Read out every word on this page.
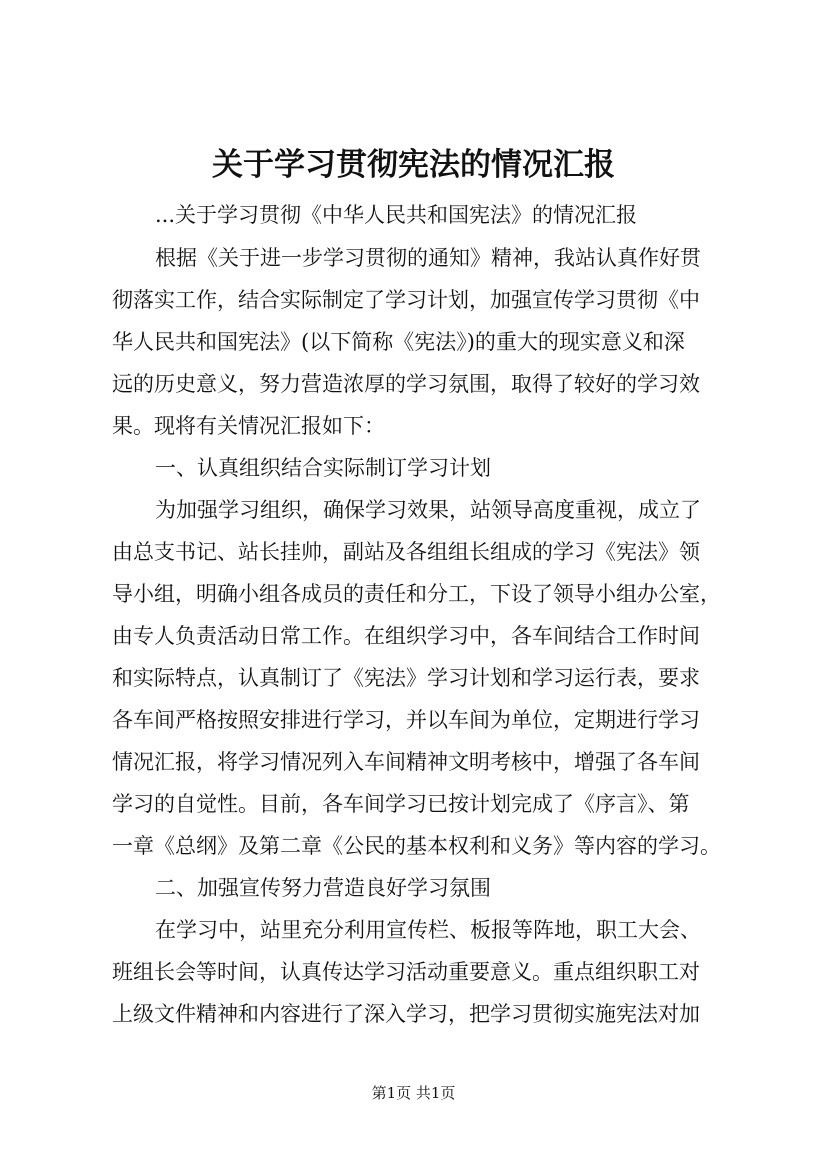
关于学习贯彻宪法的情况汇报
...关于学习贯彻《中华人民共和国宪法》的情况汇报
根据《关于进一步学习贯彻的通知》精神，我站认真作好贯
彻落实工作，结合实际制定了学习计划，加强宣传学习贯彻《中
华人民共和国宪法》(以下简称《宪法》)的重大的现实意义和深
远的历史意义，努力营造浓厚的学习氛围，取得了较好的学习效
果。现将有关情况汇报如下：
一、认真组织结合实际制订学习计划
为加强学习组织，确保学习效果，站领导高度重视，成立了
由总支书记、站长挂帅，副站及各组组长组成的学习《宪法》领
导小组，明确小组各成员的责任和分工，下设了领导小组办公室，
由专人负责活动日常工作。在组织学习中，各车间结合工作时间
和实际特点，认真制订了《宪法》学习计划和学习运行表，要求
各车间严格按照安排进行学习，并以车间为单位，定期进行学习
情况汇报，将学习情况列入车间精神文明考核中，增强了各车间
学习的自觉性。目前，各车间学习已按计划完成了《序言》、第
一章《总纲》及第二章《公民的基本权利和义务》等内容的学习。
二、加强宣传努力营造良好学习氛围
在学习中，站里充分利用宣传栏、板报等阵地，职工大会、
班组长会等时间，认真传达学习活动重要意义。重点组织职工对
上级文件精神和内容进行了深入学习，把学习贯彻实施宪法对加
第1页 共1页
